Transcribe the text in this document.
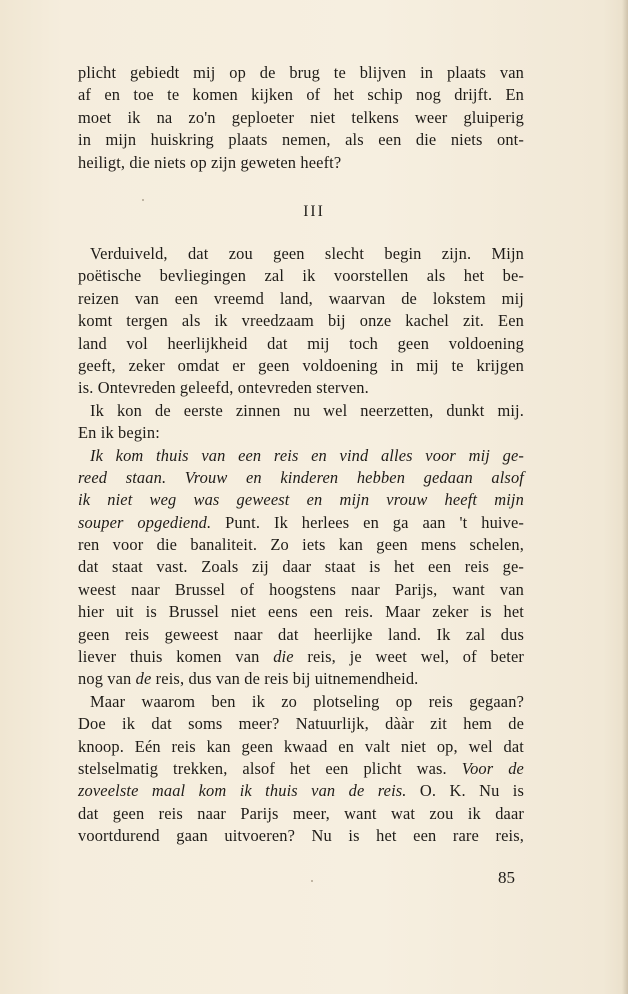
plicht gebiedt mij op de brug te blijven in plaats van
af en toe te komen kijken of het schip nog drijft. En
moet ik na zo'n geploeter niet telkens weer gluiperig
in mijn huiskring plaats nemen, als een die niets ont-
heiligt, die niets op zijn geweten heeft?
III
Verduiveld, dat zou geen slecht begin zijn. Mijn
poëtische bevliegingen zal ik voorstellen als het be-
reizen van een vreemd land, waarvan de lokstem mij
komt tergen als ik vreedzaam bij onze kachel zit. Een
land vol heerlijkheid dat mij toch geen voldoening
geeft, zeker omdat er geen voldoening in mij te krijgen
is. Ontevreden geleefd, ontevreden sterven.
Ik kon de eerste zinnen nu wel neerzetten, dunkt mij.
En ik begin:
Ik kom thuis van een reis en vind alles voor mij ge-
reed staan. Vrouw en kinderen hebben gedaan alsof
ik niet weg was geweest en mijn vrouw heeft mijn
souper opgediend. Punt. Ik herlees en ga aan 't huive-
ren voor die banaliteit. Zo iets kan geen mens schelen,
dat staat vast. Zoals zij daar staat is het een reis ge-
weest naar Brussel of hoogstens naar Parijs, want van
hier uit is Brussel niet eens een reis. Maar zeker is het
geen reis geweest naar dat heerlijke land. Ik zal dus
liever thuis komen van die reis, je weet wel, of beter
nog van de reis, dus van de reis bij uitnemendheid.
Maar waarom ben ik zo plotseling op reis gegaan?
Doe ik dat soms meer? Natuurlijk, dààr zit hem de
knoop. Eén reis kan geen kwaad en valt niet op, wel dat
stelselmatig trekken, alsof het een plicht was. Voor de
zoveelste maal kom ik thuis van de reis. O. K. Nu is
dat geen reis naar Parijs meer, want wat zou ik daar
voortdurend gaan uitvoeren? Nu is het een rare reis,
85
